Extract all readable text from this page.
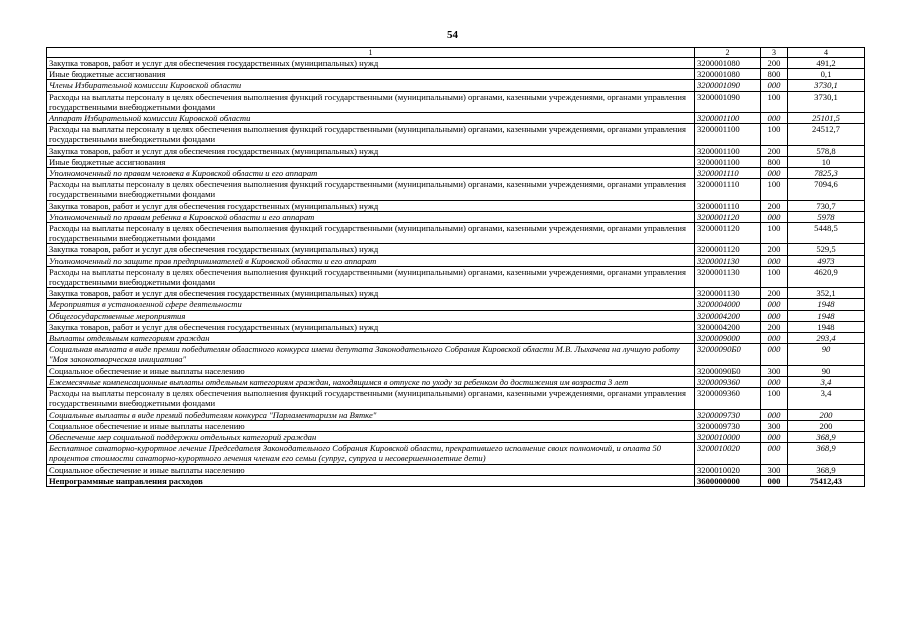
54
1	2	3	4
Закупка товаров, работ и услуг для обеспечения государственных (муниципальных) нужд	3200001080	200	491,2
Иные бюджетные ассигнования	3200001080	800	0,1
Члены Избирательной комиссии Кировской области	3200001090	000	3730,1
Расходы на выплаты персоналу в целях обеспечения выполнения функций государственными (муниципальными) органами, казенными учреждениями, органами управления государственными внебюджетными фондами	3200001090	100	3730,1
Аппарат Избирательной комиссии Кировской области	3200001100	000	25101,5
Расходы на выплаты персоналу в целях обеспечения выполнения функций государственными (муниципальными) органами, казенными учреждениями, органами управления государственными внебюджетными фондами	3200001100	100	24512,7
Закупка товаров, работ и услуг для обеспечения государственных (муниципальных) нужд	3200001100	200	578,8
Иные бюджетные ассигнования	3200001100	800	10
Уполномоченный по правам человека в Кировской области и его аппарат	3200001110	000	7825,3
Расходы на выплаты персоналу в целях обеспечения выполнения функций государственными (муниципальными) органами, казенными учреждениями, органами управления государственными внебюджетными фондами	3200001110	100	7094,6
Закупка товаров, работ и услуг для обеспечения государственных (муниципальных) нужд	3200001110	200	730,7
Уполномоченный по правам ребенка в Кировской области и его аппарат	3200001120	000	5978
Расходы на выплаты персоналу в целях обеспечения выполнения функций государственными (муниципальными) органами, казенными учреждениями, органами управления государственными внебюджетными фондами	3200001120	100	5448,5
Закупка товаров, работ и услуг для обеспечения государственных (муниципальных) нужд	3200001120	200	529,5
Уполномоченный по защите прав предпринимателей в Кировской области и его аппарат	3200001130	000	4973
Расходы на выплаты персоналу в целях обеспечения выполнения функций государственными (муниципальными) органами, казенными учреждениями, органами управления государственными внебюджетными фондами	3200001130	100	4620,9
Закупка товаров, работ и услуг для обеспечения государственных (муниципальных) нужд	3200001130	200	352,1
Мероприятия в установленной сфере деятельности	3200004000	000	1948
Общегосударственные мероприятия	3200004200	000	1948
Закупка товаров, работ и услуг для обеспечения государственных (муниципальных) нужд	3200004200	200	1948
Выплаты отдельным категориям граждан	3200009000	000	293,4
Социальная выплата в виде премии победителям областного конкурса имени депутата Законодательного Собрания Кировской области М.В. Лыхачева на лучшую работу "Моя законотворческая инициатива"	32000090Б0	000	90
Социальное обеспечение и иные выплаты населению	32000090Б0	300	90
Ежемесячные компенсационные выплаты отдельным категориям граждан, находящимся в отпуске по уходу за ребенком до достижения им возраста 3 лет	3200009360	000	3,4
Расходы на выплаты персоналу в целях обеспечения выполнения функций государственными (муниципальными) органами, казенными учреждениями, органами управления государственными внебюджетными фондами	3200009360	100	3,4
Социальные выплаты в виде премий победителям конкурса "Парламентаризм на Вятке"	3200009730	000	200
Социальное обеспечение и иные выплаты населению	3200009730	300	200
Обеспечение мер социальной поддержки отдельных категорий граждан	3200010000	000	368,9
Бесплатное санаторно-курортное лечение Председателя Законодательного Собрания Кировской области, прекратившего исполнение своих полномочий, и оплата 50 процентов стоимости санаторно-курортного лечения членам его семьи (супруг, супруга и несовершеннолетние дети)	3200010020	000	368,9
Социальное обеспечение и иные выплаты населению	3200010020	300	368,9
Непрограммные направления расходов	3600000000	000	75412,43
